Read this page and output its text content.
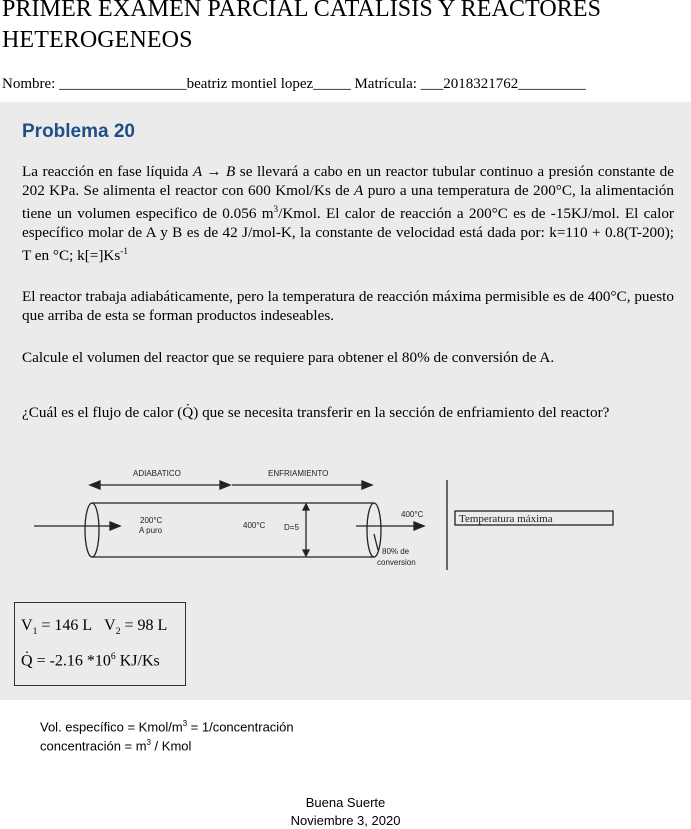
PRIMER EXAMEN PARCIAL CATALISIS Y REACTORES HETEROGENEOS
Nombre: _________________beatriz montiel lopez_____ Matrícula: ___2018321762_________
Problema 20
La reacción en fase líquida A → B se llevará a cabo en un reactor tubular continuo a presión constante de 202 KPa. Se alimenta el reactor con 600 Kmol/Ks de A puro a una temperatura de 200°C, la alimentación tiene un volumen especifico de 0.056 $m^3$/Kmol. El calor de reacción a 200°C es de -15KJ/mol. El calor específico molar de A y B es de 42 J/mol-K, la constante de velocidad está dada por: k=110 + 0.8(T-200); T en °C; $k[=]Ks^{-1}$
El reactor trabaja adiabáticamente, pero la temperatura de reacción máxima permisible es de 400°C, puesto que arriba de esta se forman productos indeseables.
Calcule el volumen del reactor que se requiere para obtener el 80% de conversión de A.
¿Cuál es el flujo de calor (Q̇) que se necesita transferir en la sección de enfriamiento del reactor?
ADIABATICO	ENFRIAMIENTO
200°C
A puro
400°C D=5
400°C
80% de
conversion
Temperatura máxima
$V_1 = 146$ L $V_2 = 98$ L
Q̇ = -2.16 $*10^6$ KJ/Ks
Vol. específico = Kmol/$m^3$ = 1/concentración
concentración = $m^3$ / Kmol
Buena Suerte
Noviembre 3, 2020
